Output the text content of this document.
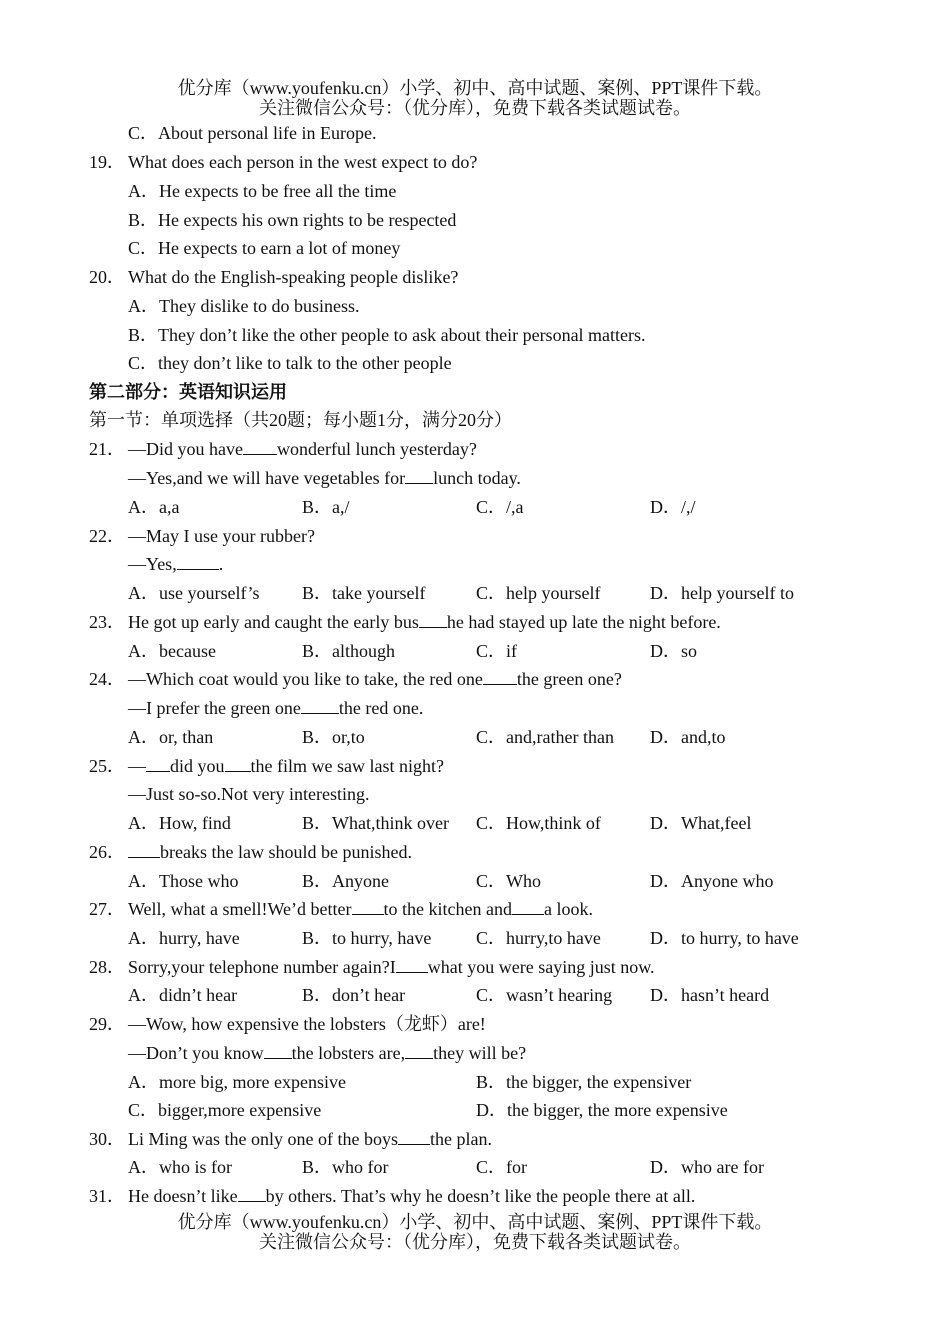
优分库（www.youfenku.cn）小学、初中、高中试题、案例、PPT课件下载。
关注微信公众号：（优分库），免费下载各类试题试卷。
C．About personal life in Europe.
19． What does each person in the west expect to do?
A．He expects to be free all the time
B．He expects his own rights to be respected
C．He expects to earn a lot of money
20． What do the English-speaking people dislike?
A．They dislike to do business.
B．They don’t like the other people to ask about their personal matters.
C．they don’t like to talk to the other people
第二部分：英语知识运用
第一节：单项选择（共20题；每小题1分，满分20分）
21． —Did you have wonderful lunch yesterday?
—Yes,and we will have vegetables for lunch today.
A．a,a	B．a,/	C．/,a	D．/,/
22． —May I use your rubber?
—Yes, .
A．use yourself’s B．take yourself	C．help yourself	D．help yourself to
23． He got up early and caught the early bus he had stayed up late the night before.
A．because	B．although	C．if	D．so
24． —Which coat would you like to take, the red one the green one?
—I prefer the green one the red one.
A．or, than	B．or,to	C．and,rather than D．and,to
25． — did you the film we saw last night?
—Just so-so.Not very interesting.
A．How, find	B．What,think over C．How,think of	D．What,feel
26．	breaks the law should be punished.
A．Those who	B．Anyone	C．Who	D．Anyone who
27． Well, what a smell!We’d better to the kitchen and a look.
A．hurry, have	B．to hurry, have C．hurry,to have	D．to hurry, to have
28． Sorry,your telephone number again?I what you were saying just now.
A．didn’t hear	B．don’t hear	C．wasn’t hearing D．hasn’t heard
29． —Wow, how expensive the lobsters（龙虾）are!
—Don’t you know the lobsters are, they will be?
A．more big, more expensive	B．the bigger, the expensiver
C．bigger,more expensive	D．the bigger, the more expensive
30． Li Ming was the only one of the boys the plan.
A．who is for	B．who for	C．for	D．who are for
31． He doesn’t like by others. That’s why he doesn’t like the people there at all.
优分库（www.youfenku.cn）小学、初中、高中试题、案例、PPT课件下载。
关注微信公众号：（优分库），免费下载各类试题试卷。
